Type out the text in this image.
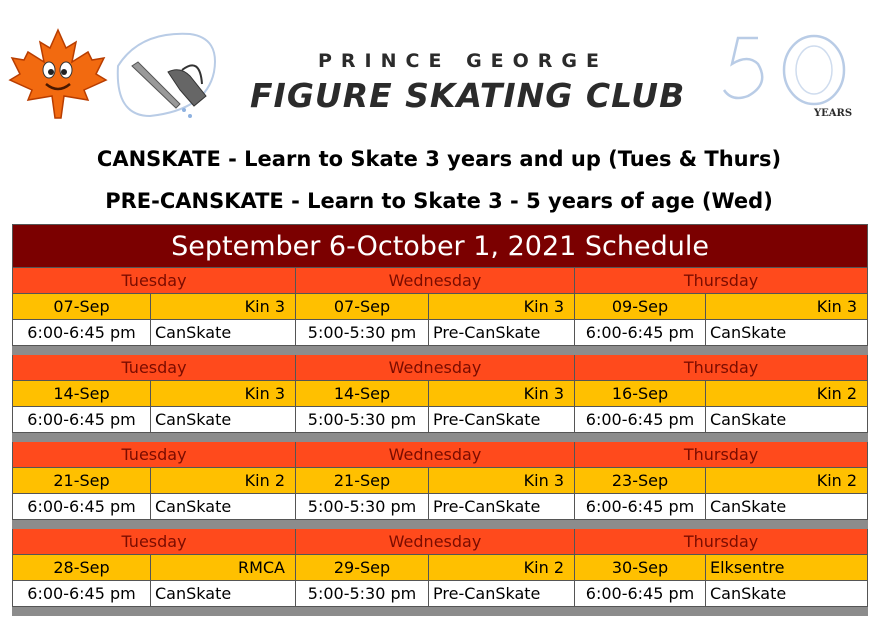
PRINCE GEORGE
FIGURE SKATING CLUB	YEARS
CANSKATE - Learn to Skate 3 years and up (Tues & Thurs)
PRE-CANSKATE - Learn to Skate 3 - 5 years of age (Wed)
September 6-October 1, 2021 Schedule					
Tuesday		Wednesday		Thursday	
07-Sep	Kin 3	07-Sep	Kin 3	09-Sep	Kin 3
6:00-6:45 pm	CanSkate	5:00-5:30 pm	Pre-CanSkate	6:00-6:45 pm	CanSkate

Tuesday		Wednesday		Thursday	
14-Sep	Kin 3	14-Sep	Kin 3	16-Sep	Kin 2
6:00-6:45 pm	CanSkate	5:00-5:30 pm	Pre-CanSkate	6:00-6:45 pm	CanSkate

Tuesday		Wednesday		Thursday	
21-Sep	Kin 2	21-Sep	Kin 3	23-Sep	Kin 2
6:00-6:45 pm	CanSkate	5:00-5:30 pm	Pre-CanSkate	6:00-6:45 pm	CanSkate

Tuesday		Wednesday		Thursday	
28-Sep	RMCA	29-Sep	Kin 2	30-Sep	Elksentre
6:00-6:45 pm	CanSkate	5:00-5:30 pm	Pre-CanSkate	6:00-6:45 pm	CanSkate
